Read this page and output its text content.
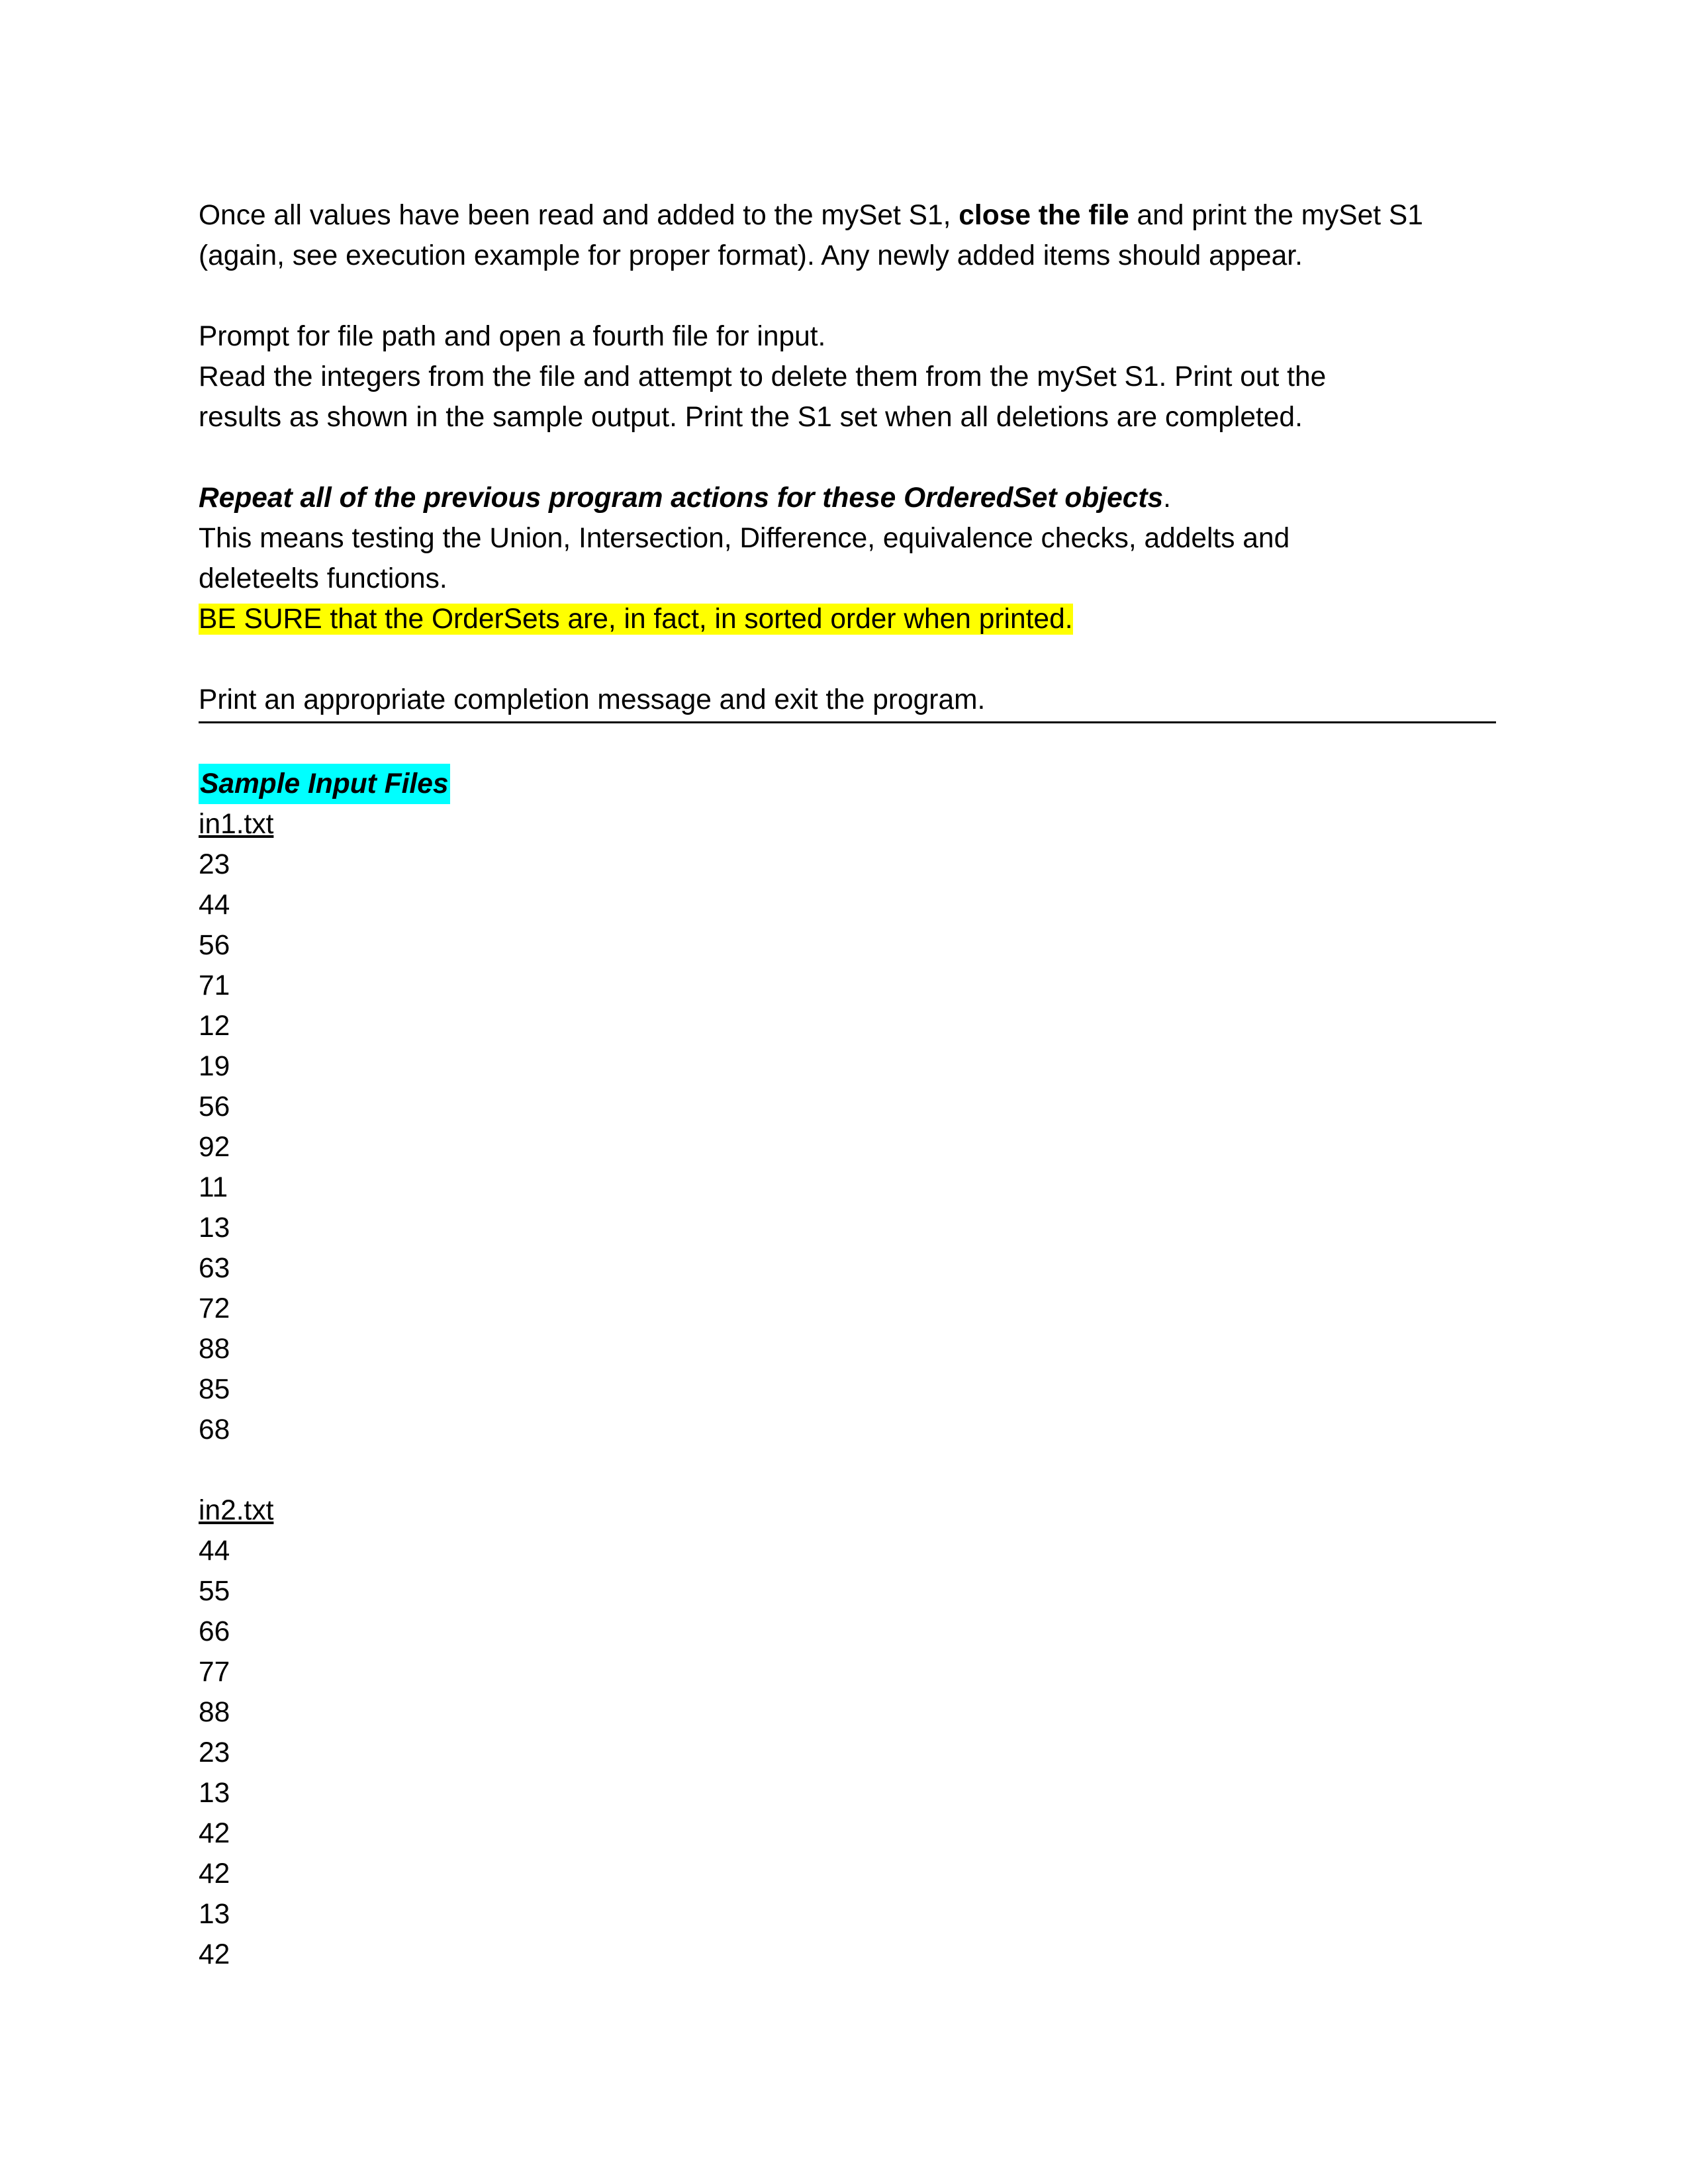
Once all values have been read and added to the mySet S1, close the file and print the mySet S1
(again, see execution example for proper format). Any newly added items should appear.

Prompt for file path and open a fourth file for input.
Read the integers from the file and attempt to delete them from the mySet S1. Print out the
results as shown in the sample output. Print the S1 set when all deletions are completed.

Repeat all of the previous program actions for these OrderedSet objects.
This means testing the Union, Intersection, Difference, equivalence checks, addelts and
deleteelts functions.
BE SURE that the OrderSets are, in fact, in sorted order when printed.

Print an appropriate completion message and exit the program.

Sample Input Files
in1.txt
23
44
56
71
12
19
56
92
11
13
63
72
88
85
68
in2.txt
44
55
66
77
88
23
13
42
42
13
42
